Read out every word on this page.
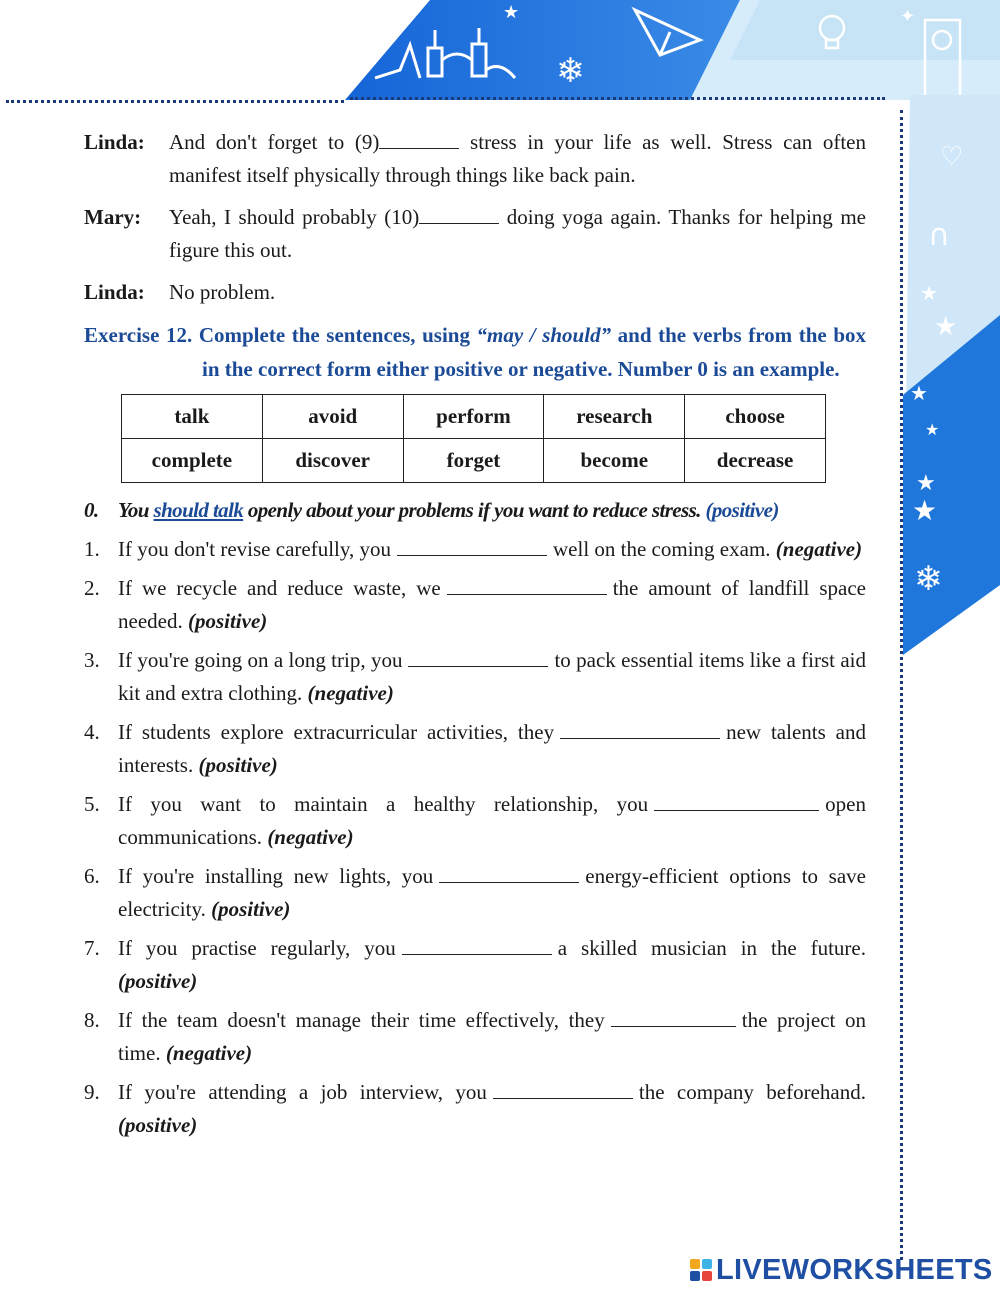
★
❄
✦
♡
∩
★
★
★
★
★
★
❄
Linda:	And don't forget to (9)	stress in your life as well. Stress can often manifest itself physically through things like back pain.
Mary:	Yeah, I should probably (10)	doing yoga again. Thanks for helping me figure this out.
Linda:	No problem.
Exercise 12. Complete the sentences, using “may / should” and the verbs from the box in the correct form either positive or negative. Number 0 is an example.
talk	avoid	perform	research	choose
complete	discover	forget	become	decrease
0. You should talk openly about your problems if you want to reduce stress. (positive)
1. If you don't revise carefully, you	well on the coming exam. (negative)
2. If we recycle and reduce waste, we	the amount of landfill space needed. (positive)
3. If you're going on a long trip, you	to pack essential items like a first aid kit and extra clothing. (negative)
4. If students explore extracurricular activities, they	new talents and interests. (positive)
5. If you want to maintain a healthy relationship, you	open communications. (negative)
6. If you're installing new lights, you	energy-efficient options to save electricity. (positive)
7. If you practise regularly, you	a skilled musician in the future. (positive)
8. If the team doesn't manage their time effectively, they	the project on time. (negative)
9. If you're attending a job interview, you	the company beforehand. (positive)
LIVEWORKSHEETS
